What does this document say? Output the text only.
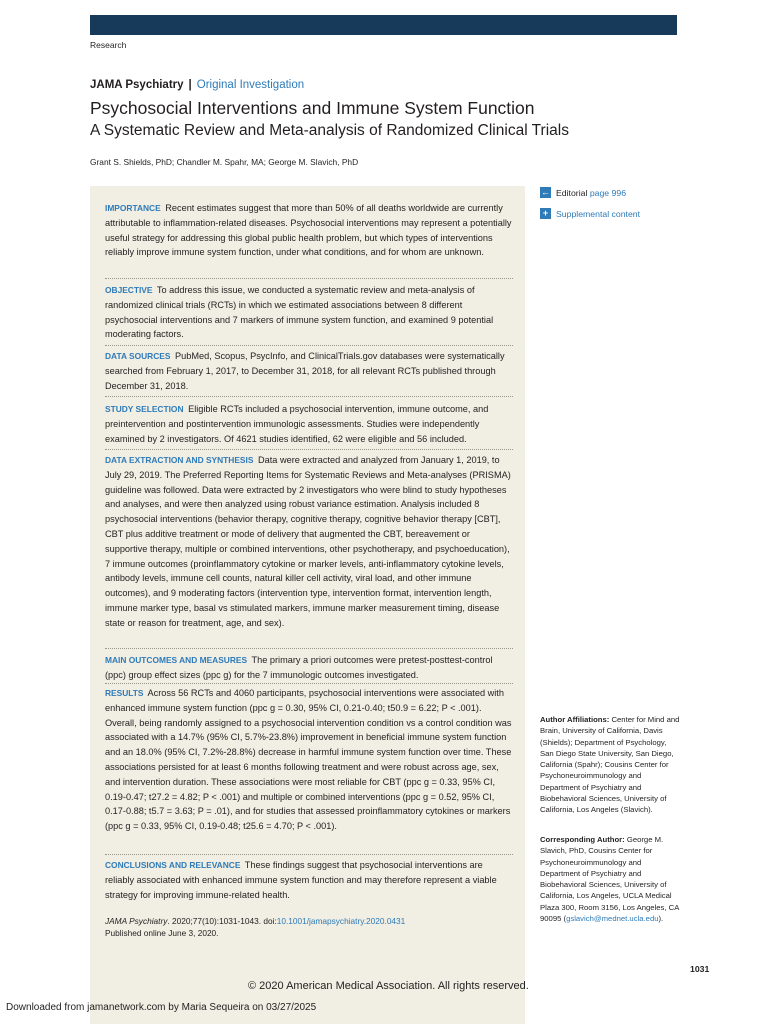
Research
JAMA Psychiatry | Original Investigation
Psychosocial Interventions and Immune System Function
A Systematic Review and Meta-analysis of Randomized Clinical Trials
Grant S. Shields, PhD; Chandler M. Spahr, MA; George M. Slavich, PhD
IMPORTANCE Recent estimates suggest that more than 50% of all deaths worldwide are currently attributable to inflammation-related diseases. Psychosocial interventions may represent a potentially useful strategy for addressing this global public health problem, but which types of interventions reliably improve immune system function, under what conditions, and for whom are unknown.
OBJECTIVE To address this issue, we conducted a systematic review and meta-analysis of randomized clinical trials (RCTs) in which we estimated associations between 8 different psychosocial interventions and 7 markers of immune system function, and examined 9 potential moderating factors.
DATA SOURCES PubMed, Scopus, PsycInfo, and ClinicalTrials.gov databases were systematically searched from February 1, 2017, to December 31, 2018, for all relevant RCTs published through December 31, 2018.
STUDY SELECTION Eligible RCTs included a psychosocial intervention, immune outcome, and preintervention and postintervention immunologic assessments. Studies were independently examined by 2 investigators. Of 4621 studies identified, 62 were eligible and 56 included.
DATA EXTRACTION AND SYNTHESIS Data were extracted and analyzed from January 1, 2019, to July 29, 2019. The Preferred Reporting Items for Systematic Reviews and Meta-analyses (PRISMA) guideline was followed. Data were extracted by 2 investigators who were blind to study hypotheses and analyses, and were then analyzed using robust variance estimation. Analysis included 8 psychosocial interventions (behavior therapy, cognitive therapy, cognitive behavior therapy [CBT], CBT plus additive treatment or mode of delivery that augmented the CBT, bereavement or supportive therapy, multiple or combined interventions, other psychotherapy, and psychoeducation), 7 immune outcomes (proinflammatory cytokine or marker levels, anti-inflammatory cytokine levels, antibody levels, immune cell counts, natural killer cell activity, viral load, and other immune outcomes), and 9 moderating factors (intervention type, intervention format, intervention length, immune marker type, basal vs stimulated markers, immune marker measurement timing, disease state or reason for treatment, age, and sex).
MAIN OUTCOMES AND MEASURES The primary a priori outcomes were pretest-posttest-control (ppc) group effect sizes (ppc g) for the 7 immunologic outcomes investigated.
RESULTS Across 56 RCTs and 4060 participants, psychosocial interventions were associated with enhanced immune system function (ppc g = 0.30, 95% CI, 0.21-0.40; t50.9 = 6.22; P < .001). Overall, being randomly assigned to a psychosocial intervention condition vs a control condition was associated with a 14.7% (95% CI, 5.7%-23.8%) improvement in beneficial immune system function and an 18.0% (95% CI, 7.2%-28.8%) decrease in harmful immune system function over time. These associations persisted for at least 6 months following treatment and were robust across age, sex, and intervention duration. These associations were most reliable for CBT (ppc g = 0.33, 95% CI, 0.19-0.47; t27.2 = 4.82; P < .001) and multiple or combined interventions (ppc g = 0.52, 95% CI, 0.17-0.88; t5.7 = 3.63; P = .01), and for studies that assessed proinflammatory cytokines or markers (ppc g = 0.33, 95% CI, 0.19-0.48; t25.6 = 4.70; P < .001).
CONCLUSIONS AND RELEVANCE These findings suggest that psychosocial interventions are reliably associated with enhanced immune system function and may therefore represent a viable strategy for improving immune-related health.
JAMA Psychiatry. 2020;77(10):1031-1043. doi:10.1001/jamapsychiatry.2020.0431
Published online June 3, 2020.
← Editorial
page 996
+ Supplemental content
Author Affiliations: Center for Mind and Brain, University of California, Davis (Shields); Department of Psychology, San Diego State University, San Diego, California (Spahr); Cousins Center for Psychoneuroimmunology and Department of Psychiatry and Biobehavioral Sciences, University of California, Los Angeles (Slavich).
Corresponding Author: George M. Slavich, PhD, Cousins Center for Psychoneuroimmunology and Department of Psychiatry and Biobehavioral Sciences, University of California, Los Angeles, UCLA Medical Plaza 300, Room 3156, Los Angeles, CA 90095 (gslavich@mednet.ucla.edu).
1031
© 2020 American Medical Association. All rights reserved.
Downloaded from jamanetwork.com by Maria Sequeira on 03/27/2025
